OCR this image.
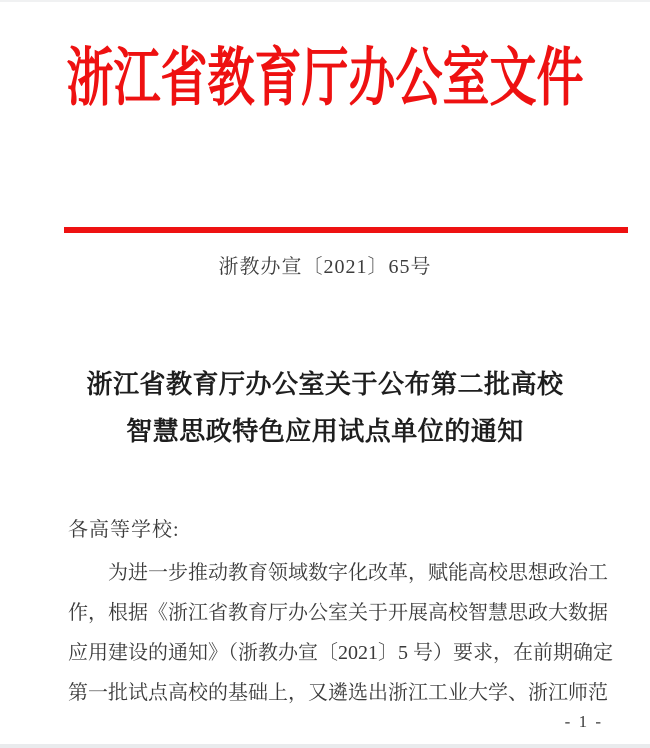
浙江省教育厅办公室文件
浙教办宣〔2021〕65号
浙江省教育厅办公室关于公布第二批高校
智慧思政特色应用试点单位的通知
各高等学校:
为进一步推动教育领域数字化改革，赋能高校思想政治工
作，根据《浙江省教育厅办公室关于开展高校智慧思政大数据
应用建设的通知》（浙教办宣〔2021〕5 号）要求，在前期确定
第一批试点高校的基础上，又遴选出浙江工业大学、浙江师范
- 1 -
